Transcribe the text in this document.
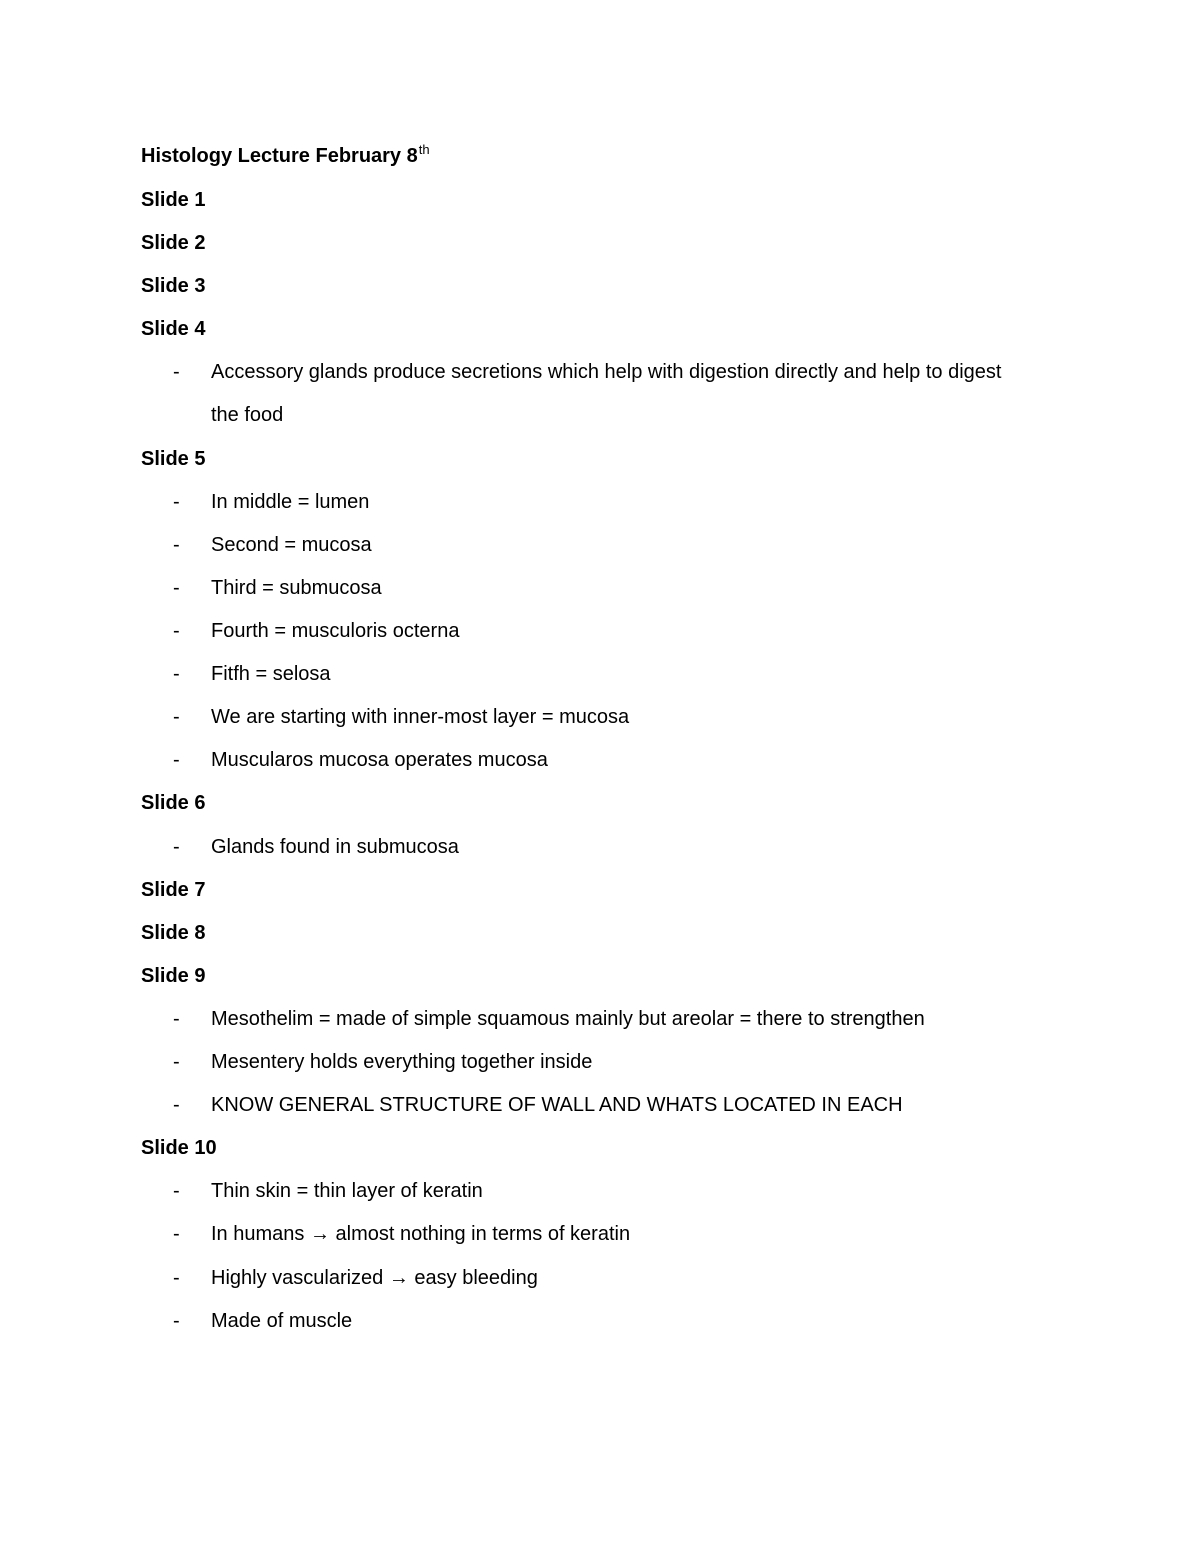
Histology Lecture February 8th
Slide 1
Slide 2
Slide 3
Slide 4
- Accessory glands produce secretions which help with digestion directly and help to digest the food
Slide 5
- In middle = lumen
- Second = mucosa
- Third = submucosa
- Fourth = musculoris octerna
- Fitfh = selosa
- We are starting with inner-most layer = mucosa
- Muscularos mucosa operates mucosa
Slide 6
- Glands found in submucosa
Slide 7
Slide 8
Slide 9
- Mesothelim = made of simple squamous mainly but areolar = there to strengthen
- Mesentery holds everything together inside
- KNOW GENERAL STRUCTURE OF WALL AND WHATS LOCATED IN EACH
Slide 10
- Thin skin = thin layer of keratin
- In humans → almost nothing in terms of keratin
- Highly vascularized → easy bleeding
- Made of muscle
